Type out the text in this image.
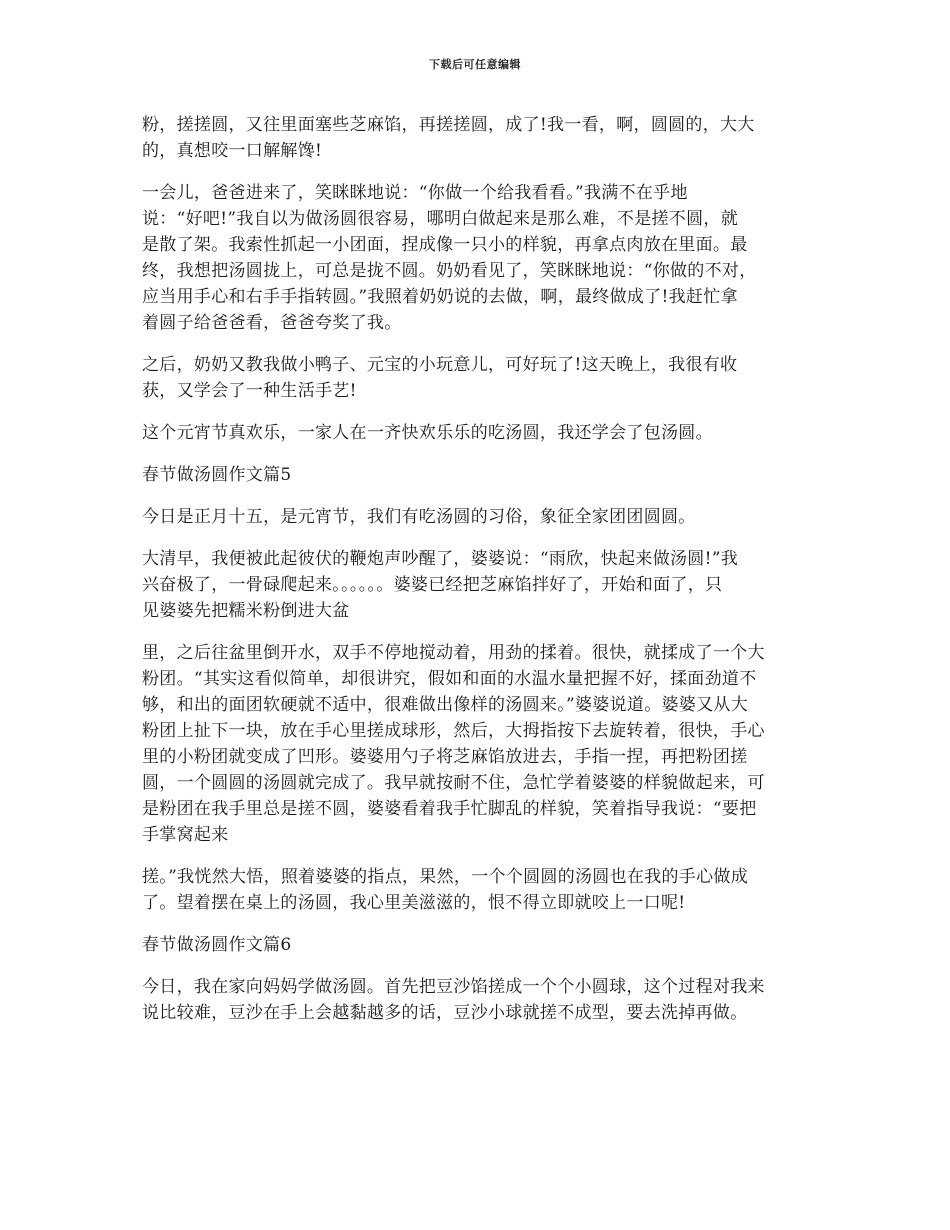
下载后可任意编辑
粉，搓搓圆，又往里面塞些芝麻馅，再搓搓圆，成了!我一看，啊，圆圆的，大大
的，真想咬一口解解馋!
一会儿，爸爸进来了，笑眯眯地说：“你做一个给我看看。”我满不在乎地
说：“好吧!”我自以为做汤圆很容易，哪明白做起来是那么难，不是搓不圆，就
是散了架。我索性抓起一小团面，捏成像一只小的样貌，再拿点肉放在里面。最
终，我想把汤圆拢上，可总是拢不圆。奶奶看见了，笑眯眯地说：“你做的不对，
应当用手心和右手手指转圆。”我照着奶奶说的去做，啊，最终做成了!我赶忙拿
着圆子给爸爸看，爸爸夸奖了我。
之后，奶奶又教我做小鸭子、元宝的小玩意儿，可好玩了!这天晚上，我很有收
获，又学会了一种生活手艺!
这个元宵节真欢乐，一家人在一齐快欢乐乐的吃汤圆，我还学会了包汤圆。
春节做汤圆作文篇5
今日是正月十五，是元宵节，我们有吃汤圆的习俗，象征全家团团圆圆。
大清早，我便被此起彼伏的鞭炮声吵醒了，婆婆说：“雨欣，快起来做汤圆!”我
兴奋极了，一骨碌爬起来。。。。。。婆婆已经把芝麻馅拌好了，开始和面了，只
见婆婆先把糯米粉倒进大盆
里，之后往盆里倒开水，双手不停地搅动着，用劲的揉着。很快，就揉成了一个大
粉团。“其实这看似简单，却很讲究，假如和面的水温水量把握不好，揉面劲道不
够，和出的面团软硬就不适中，很难做出像样的汤圆来。”婆婆说道。婆婆又从大
粉团上扯下一块，放在手心里搓成球形，然后，大拇指按下去旋转着，很快，手心
里的小粉团就变成了凹形。婆婆用勺子将芝麻馅放进去，手指一捏，再把粉团搓
圆，一个圆圆的汤圆就完成了。我早就按耐不住，急忙学着婆婆的样貌做起来，可
是粉团在我手里总是搓不圆，婆婆看着我手忙脚乱的样貌，笑着指导我说：“要把
手掌窝起来
搓。”我恍然大悟，照着婆婆的指点，果然，一个个圆圆的汤圆也在我的手心做成
了。望着摆在桌上的汤圆，我心里美滋滋的，恨不得立即就咬上一口呢!
春节做汤圆作文篇6
今日，我在家向妈妈学做汤圆。首先把豆沙馅搓成一个个小圆球，这个过程对我来
说比较难，豆沙在手上会越黏越多的话，豆沙小球就搓不成型，要去洗掉再做。
